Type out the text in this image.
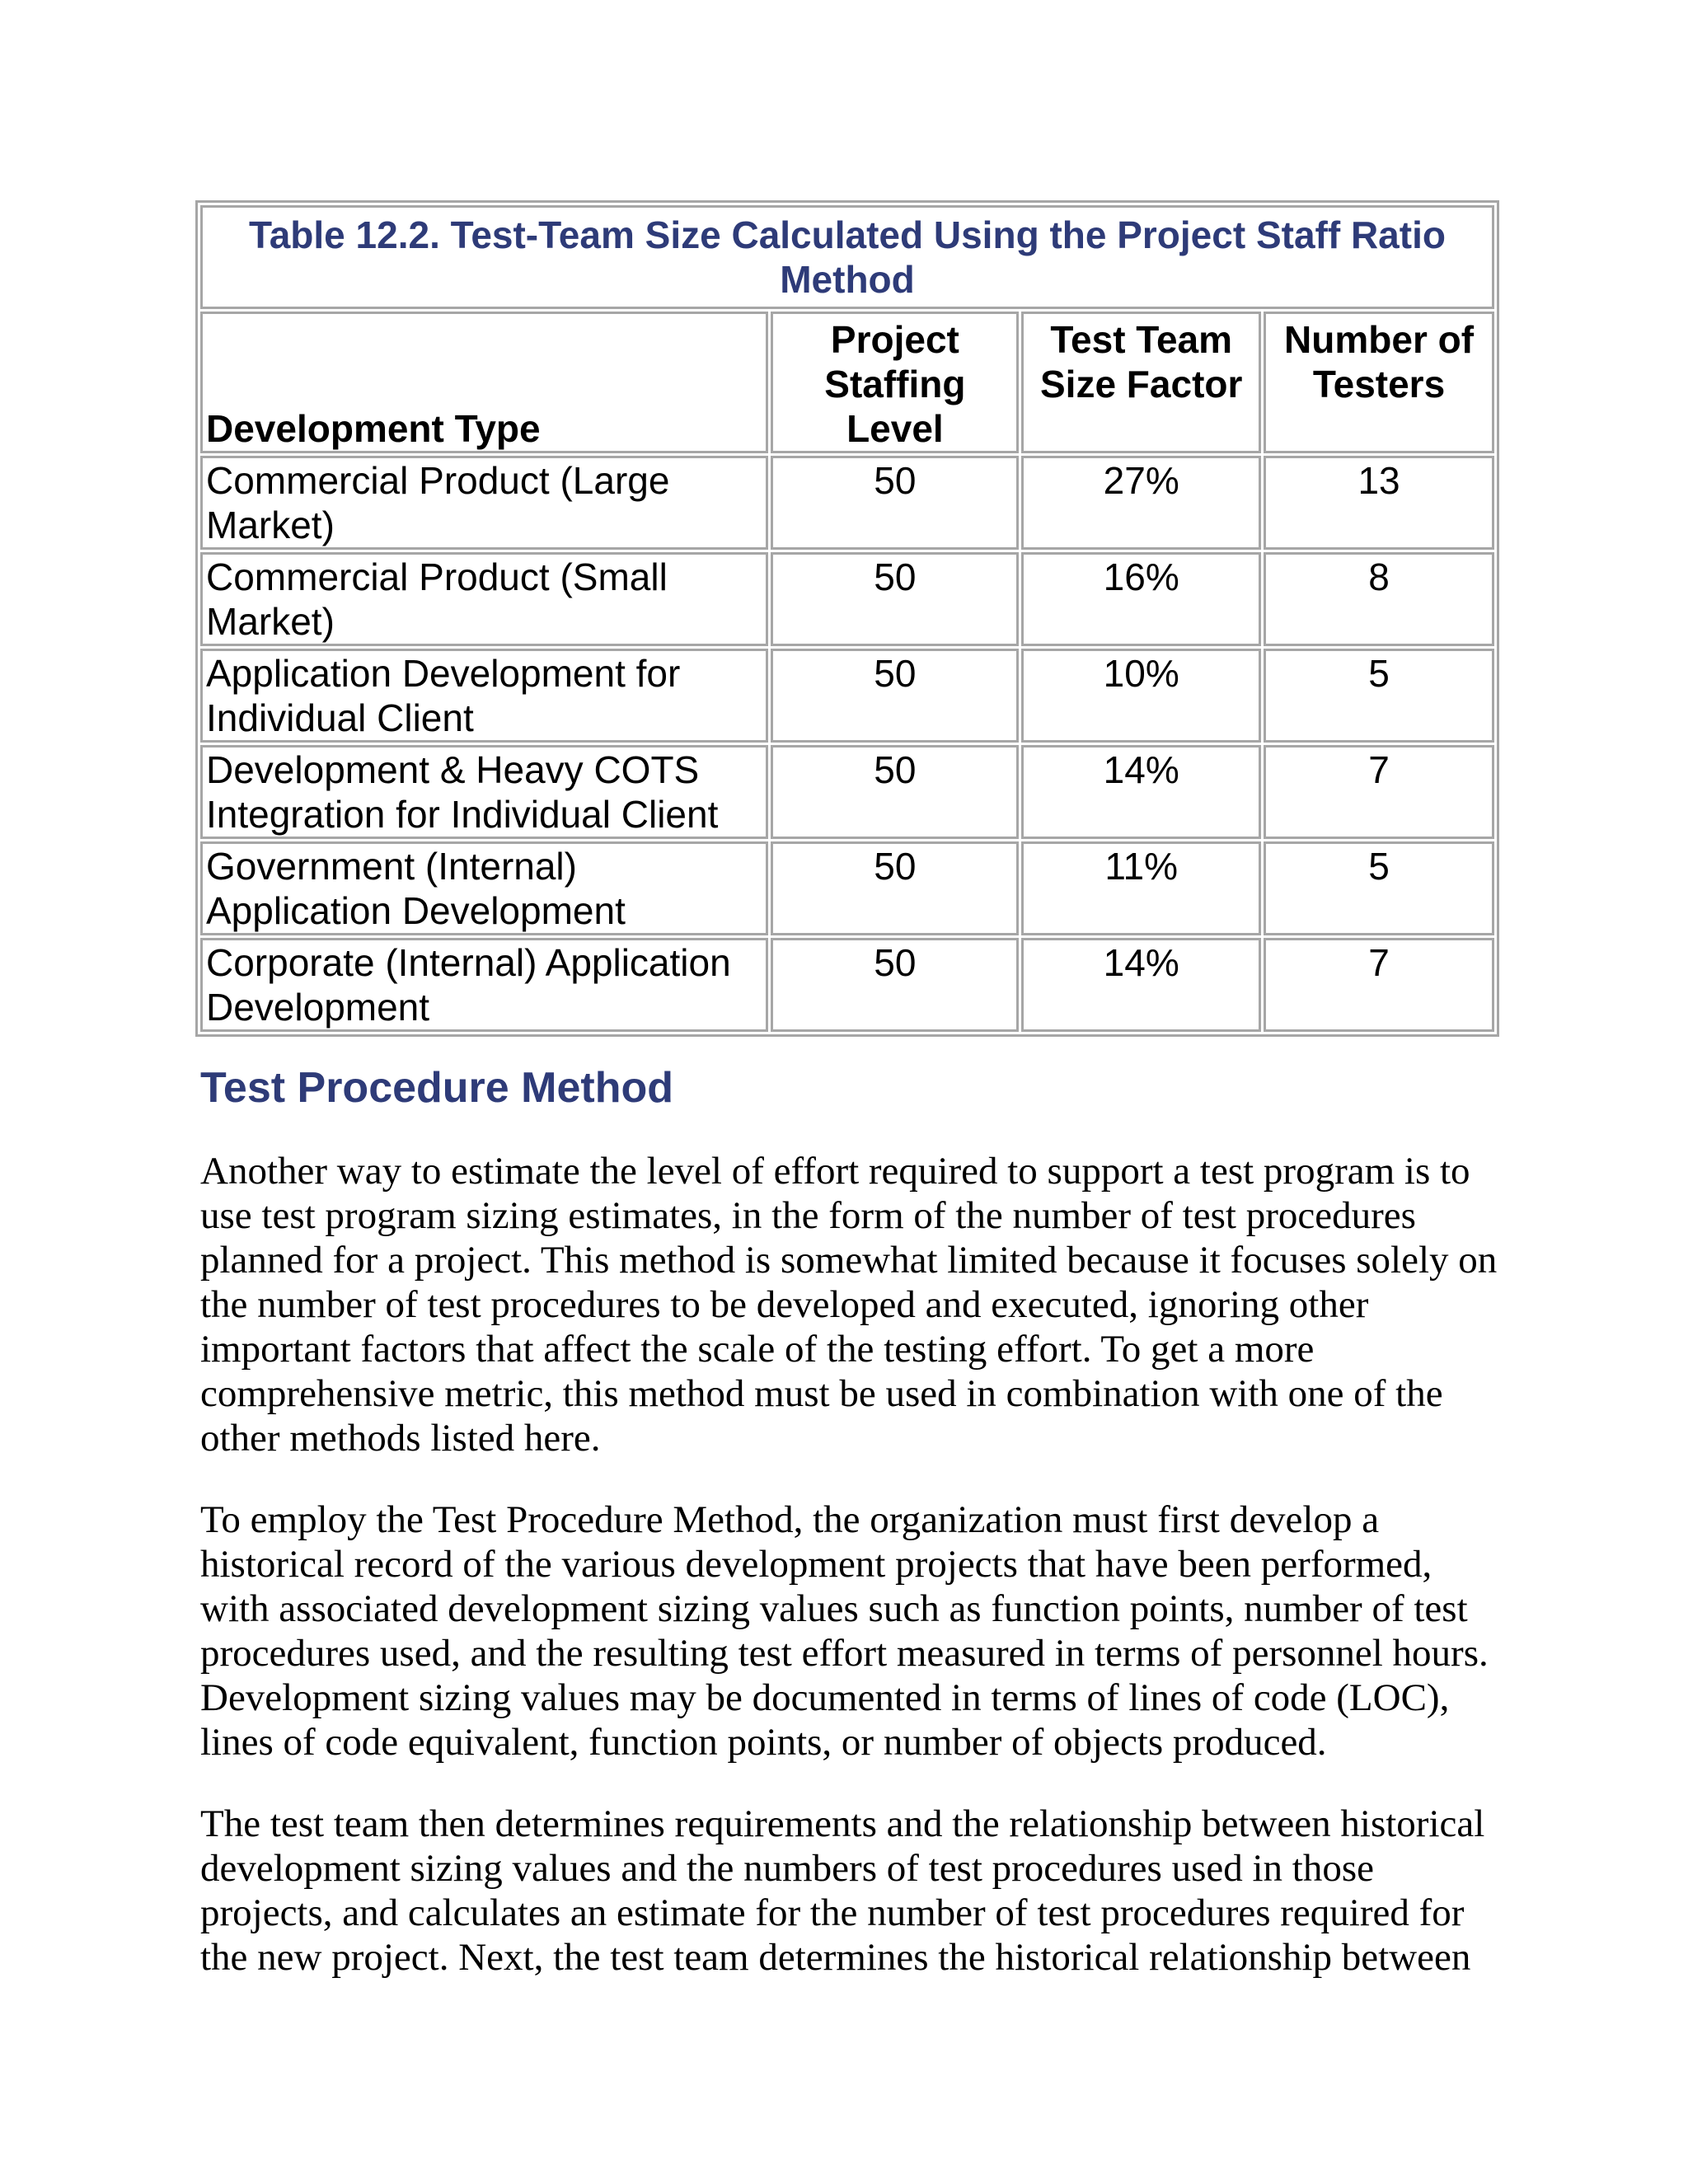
Table 12.2. Test-Team Size Calculated Using the Project Staff Ratio Method			
Development Type	Project Staffing Level	Test Team Size Factor	Number of Testers
Commercial Product (Large Market)	50	27%	13
Commercial Product (Small Market)	50	16%	8
Application Development for Individual Client	50	10%	5
Development & Heavy COTS Integration for Individual Client	50	14%	7
Government (Internal) Application Development	50	11%	5
Corporate (Internal) Application Development	50	14%	7
Test Procedure Method

Another way to estimate the level of effort required to support a test program is to use test program sizing estimates, in the form of the number of test procedures planned for a project. This method is somewhat limited because it focuses solely on the number of test procedures to be developed and executed, ignoring other important factors that affect the scale of the testing effort. To get a more comprehensive metric, this method must be used in combination with one of the other methods listed here.

To employ the Test Procedure Method, the organization must first develop a historical record of the various development projects that have been performed, with associated development sizing values such as function points, number of test procedures used, and the resulting test effort measured in terms of personnel hours. Development sizing values may be documented in terms of lines of code (LOC), lines of code equivalent, function points, or number of objects produced.

The test team then determines requirements and the relationship between historical development sizing values and the numbers of test procedures used in those projects, and calculates an estimate for the number of test procedures required for the new project. Next, the test team determines the historical relationship between
